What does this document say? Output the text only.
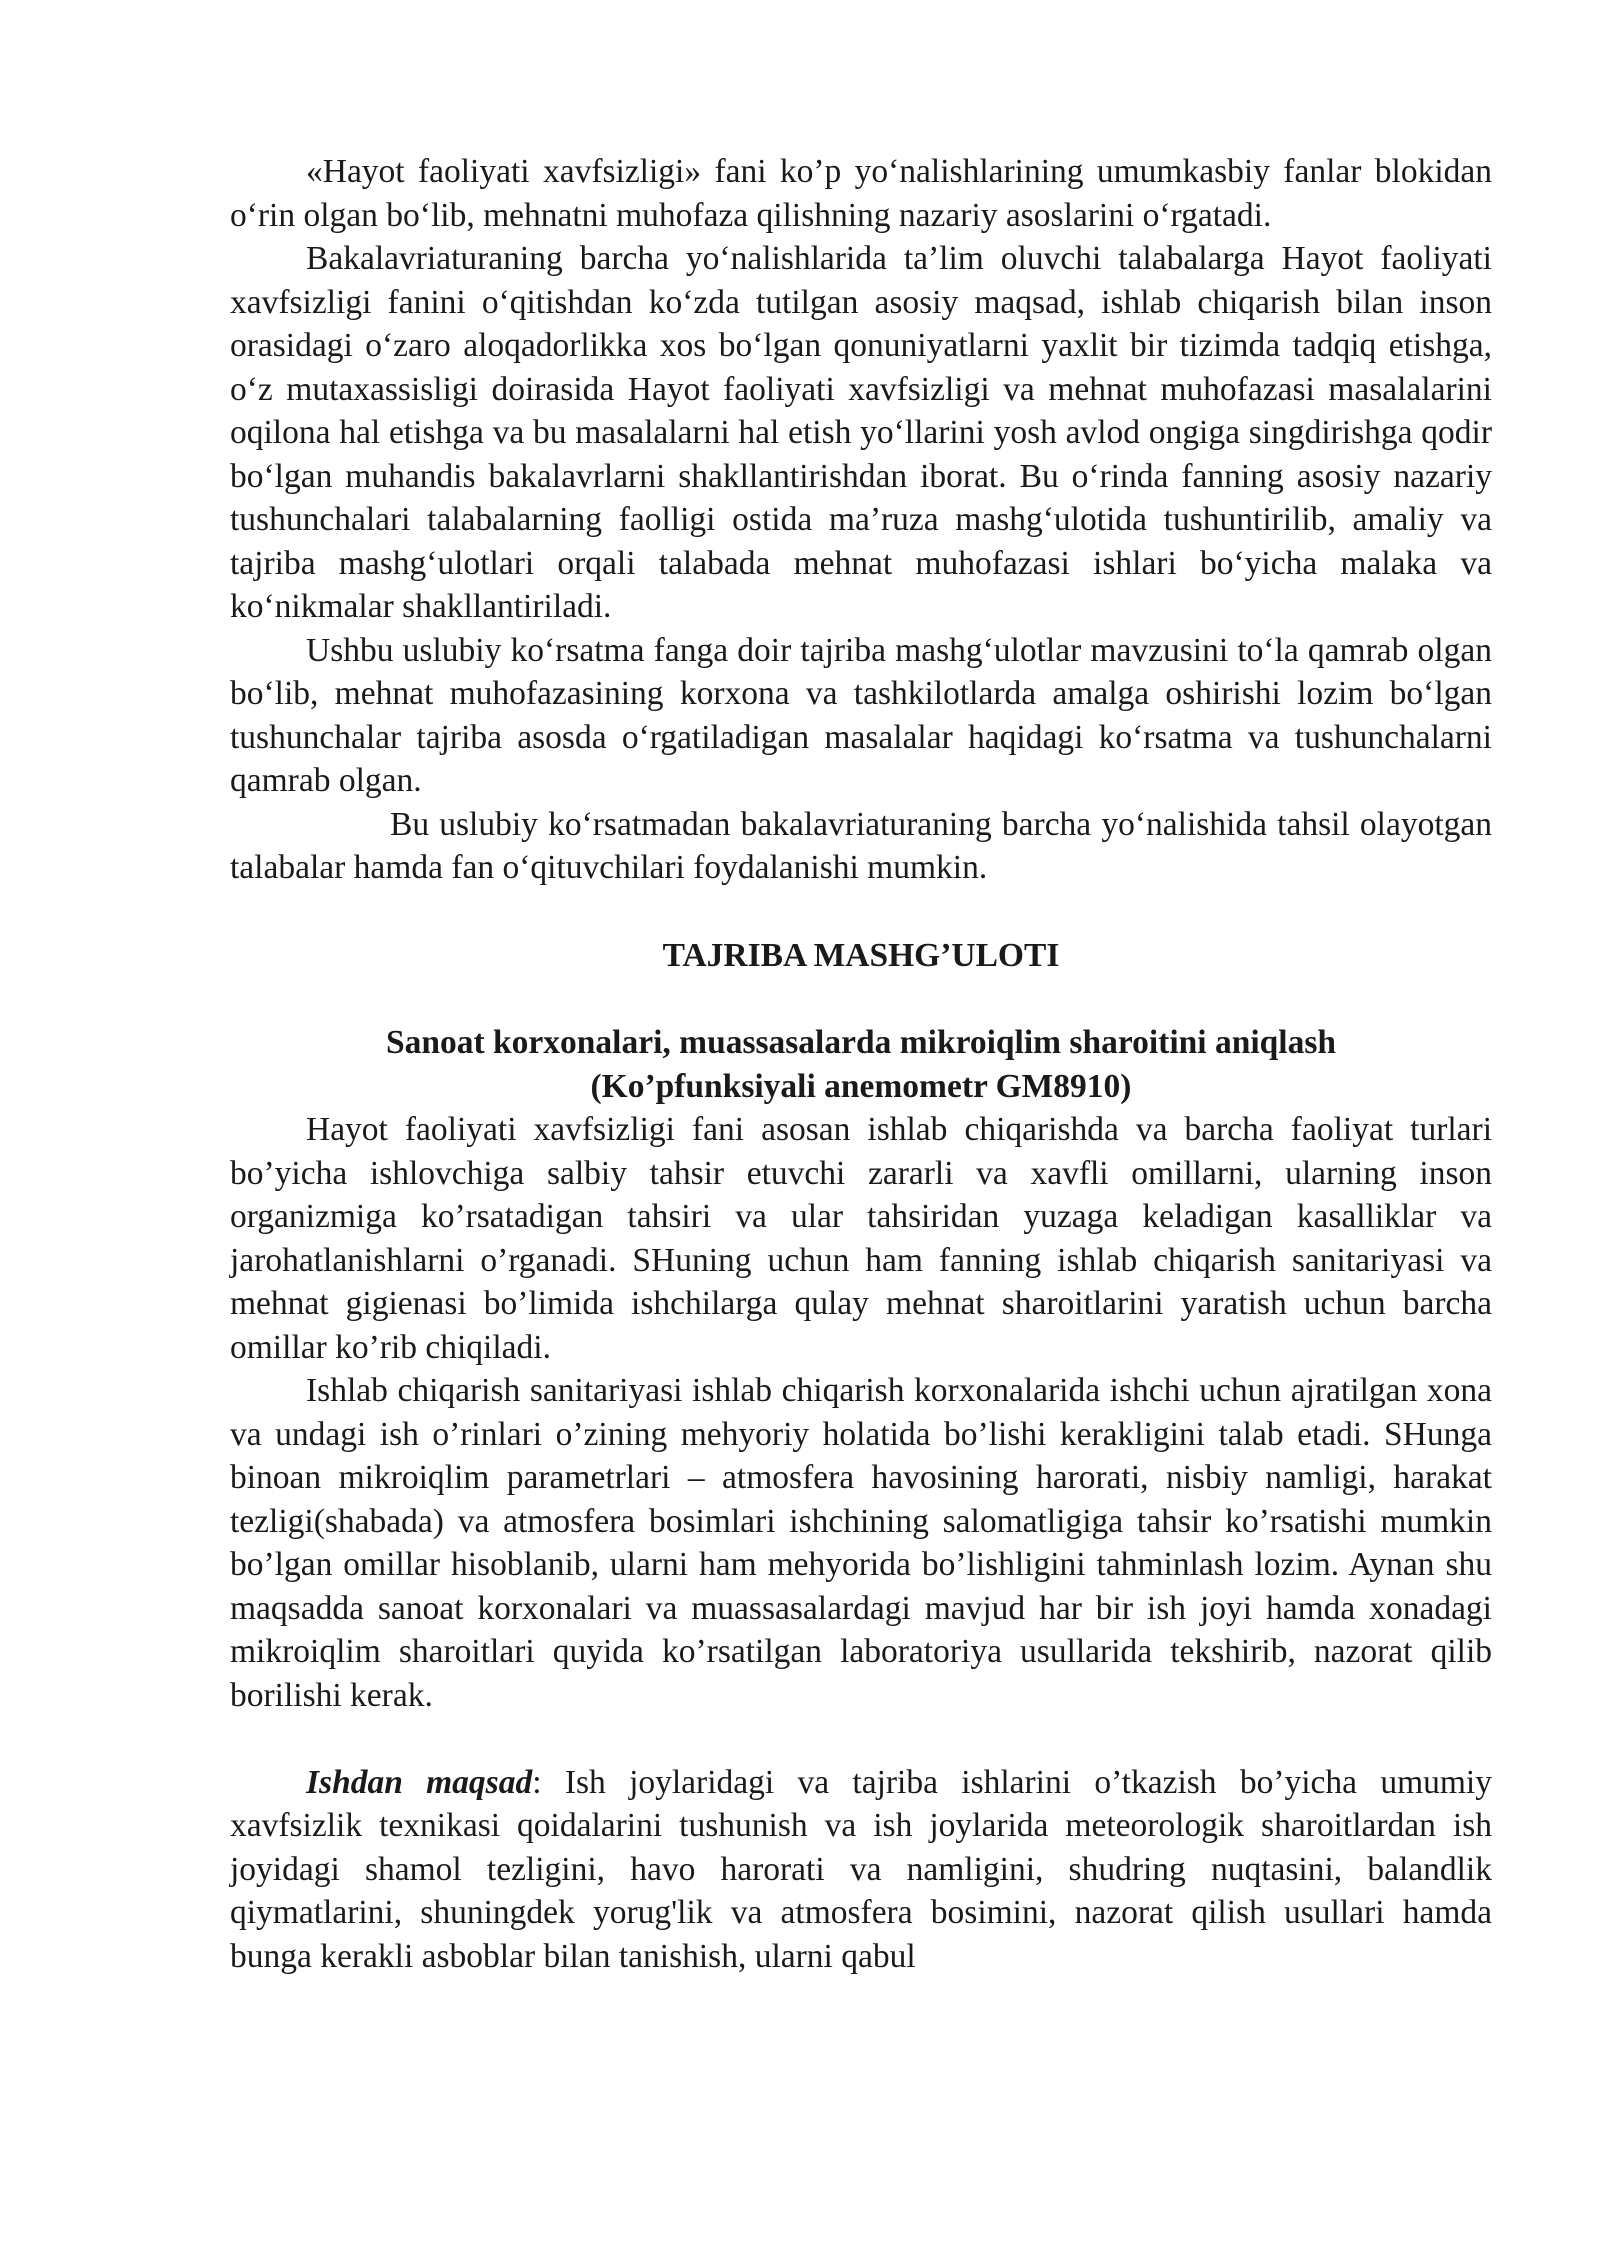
«Hayot faoliyati xavfsizligi» fani ko’p yo‘nalishlarining umumkasbiy fanlar blokidan o‘rin olgan bo‘lib, mehnatni muhofaza qilishning nazariy asoslarini o‘rgatadi.

Bakalavriaturaning barcha yo‘nalishlarida ta’lim oluvchi talabalarga Hayot faoliyati xavfsizligi fanini o‘qitishdan ko‘zda tutilgan asosiy maqsad, ishlab chiqarish bilan inson orasidagi o‘zaro aloqadorlikka xos bo‘lgan qonuniyatlarni yaxlit bir tizimda tadqiq etishga, o‘z mutaxassisligi doirasida Hayot faoliyati xavfsizligi va mehnat muhofazasi masalalarini oqilona hal etishga va bu masalalarni hal etish yo‘llarini yosh avlod ongiga singdirishga qodir bo‘lgan muhandis bakalavrlarni shakllantirishdan iborat. Bu o‘rinda fanning asosiy nazariy tushunchalari talabalarning faolligi ostida ma’ruza mashg‘ulotida tushuntirilib, amaliy va tajriba mashg‘ulotlari orqali talabada mehnat muhofazasi ishlari bo‘yicha malaka va ko‘nikmalar shakllantiriladi.

Ushbu uslubiy ko‘rsatma fanga doir tajriba mashg‘ulotlar mavzusini to‘la qamrab olgan bo‘lib, mehnat muhofazasining korxona va tashkilotlarda amalga oshirishi lozim bo‘lgan tushunchalar tajriba asosda o‘rgatiladigan masalalar haqidagi ko‘rsatma va tushunchalarni qamrab olgan.

Bu uslubiy ko‘rsatmadan bakalavriaturaning barcha yo‘nalishida tahsil olayotgan talabalar hamda fan o‘qituvchilari foydalanishi mumkin.

TAJRIBA MASHG’ULOTI

Sanoat korxonalari, muassasalarda mikroiqlim sharoitini aniqlash

(Ko’pfunksiyali anemometr GM8910)

Hayot faoliyati xavfsizligi fani asosan ishlab chiqarishda va barcha faoliyat turlari bo’yicha ishlovchiga salbiy tahsir etuvchi zararli va xavfli omillarni, ularning inson organizmiga ko’rsatadigan tahsiri va ular tahsiridan yuzaga keladigan kasalliklar va jarohatlanishlarni o’rganadi. SHuning uchun ham fanning ishlab chiqarish sanitariyasi va mehnat gigienasi bo’limida ishchilarga qulay mehnat sharoitlarini yaratish uchun barcha omillar ko’rib chiqiladi.

Ishlab chiqarish sanitariyasi ishlab chiqarish korxonalarida ishchi uchun ajratilgan xona va undagi ish o’rinlari o’zining mehyoriy holatida bo’lishi kerakligini talab etadi. SHunga binoan mikroiqlim parametrlari – atmosfera havosining harorati, nisbiy namligi, harakat tezligi(shabada) va atmosfera bosimlari ishchining salomatligiga tahsir ko’rsatishi mumkin bo’lgan omillar hisoblanib, ularni ham mehyorida bo’lishligini tahminlash lozim. Aynan shu maqsadda sanoat korxonalari va muassasalardagi mavjud har bir ish joyi hamda xonadagi mikroiqlim sharoitlari quyida ko’rsatilgan laboratoriya usullarida tekshirib, nazorat qilib borilishi kerak.

Ishdan maqsad: Ish joylaridagi va tajriba ishlarini o’tkazish bo’yicha umumiy xavfsizlik texnikasi qoidalarini tushunish va ish joylarida meteorologik sharoitlardan ish joyidagi shamol tezligini, havo harorati va namligini, shudring nuqtasini, balandlik qiymatlarini, shuningdek yorug'lik va atmosfera bosimini, nazorat qilish usullari hamda bunga kerakli asboblar bilan tanishish, ularni qabul
